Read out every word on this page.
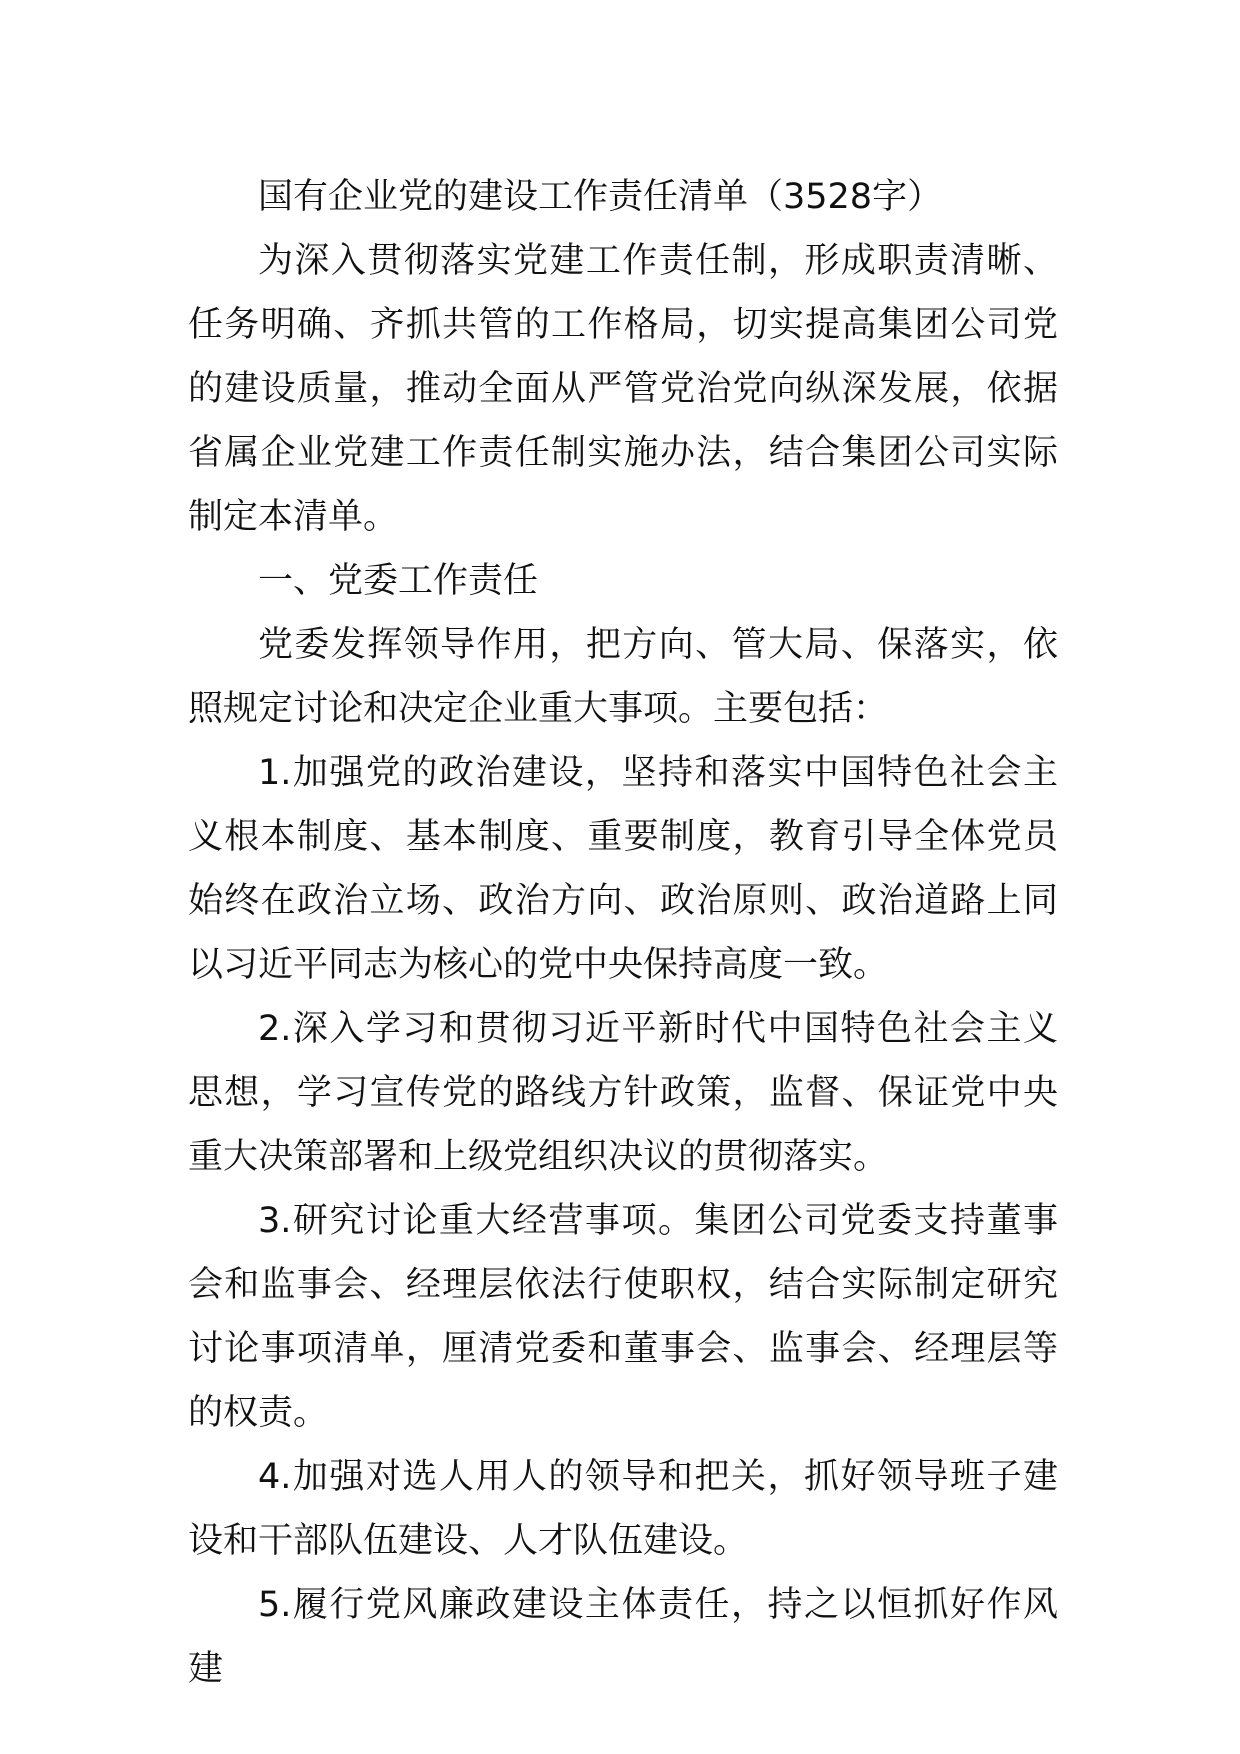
国有企业党的建设工作责任清单（3528字）

为深入贯彻落实党建工作责任制，形成职责清晰、任务明确、齐抓共管的工作格局，切实提高集团公司党的建设质量，推动全面从严管党治党向纵深发展，依据省属企业党建工作责任制实施办法，结合集团公司实际制定本清单。

一、党委工作责任

党委发挥领导作用，把方向、管大局、保落实，依照规定讨论和决定企业重大事项。主要包括：

1.加强党的政治建设，坚持和落实中国特色社会主义根本制度、基本制度、重要制度，教育引导全体党员始终在政治立场、政治方向、政治原则、政治道路上同以习近平同志为核心的党中央保持高度一致。

2.深入学习和贯彻习近平新时代中国特色社会主义思想，学习宣传党的路线方针政策，监督、保证党中央重大决策部署和上级党组织决议的贯彻落实。

3.研究讨论重大经营事项。集团公司党委支持董事会和监事会、经理层依法行使职权，结合实际制定研究讨论事项清单，厘清党委和董事会、监事会、经理层等的权责。

4.加强对选人用人的领导和把关，抓好领导班子建设和干部队伍建设、人才队伍建设。

5.履行党风廉政建设主体责任，持之以恒抓好作风建
